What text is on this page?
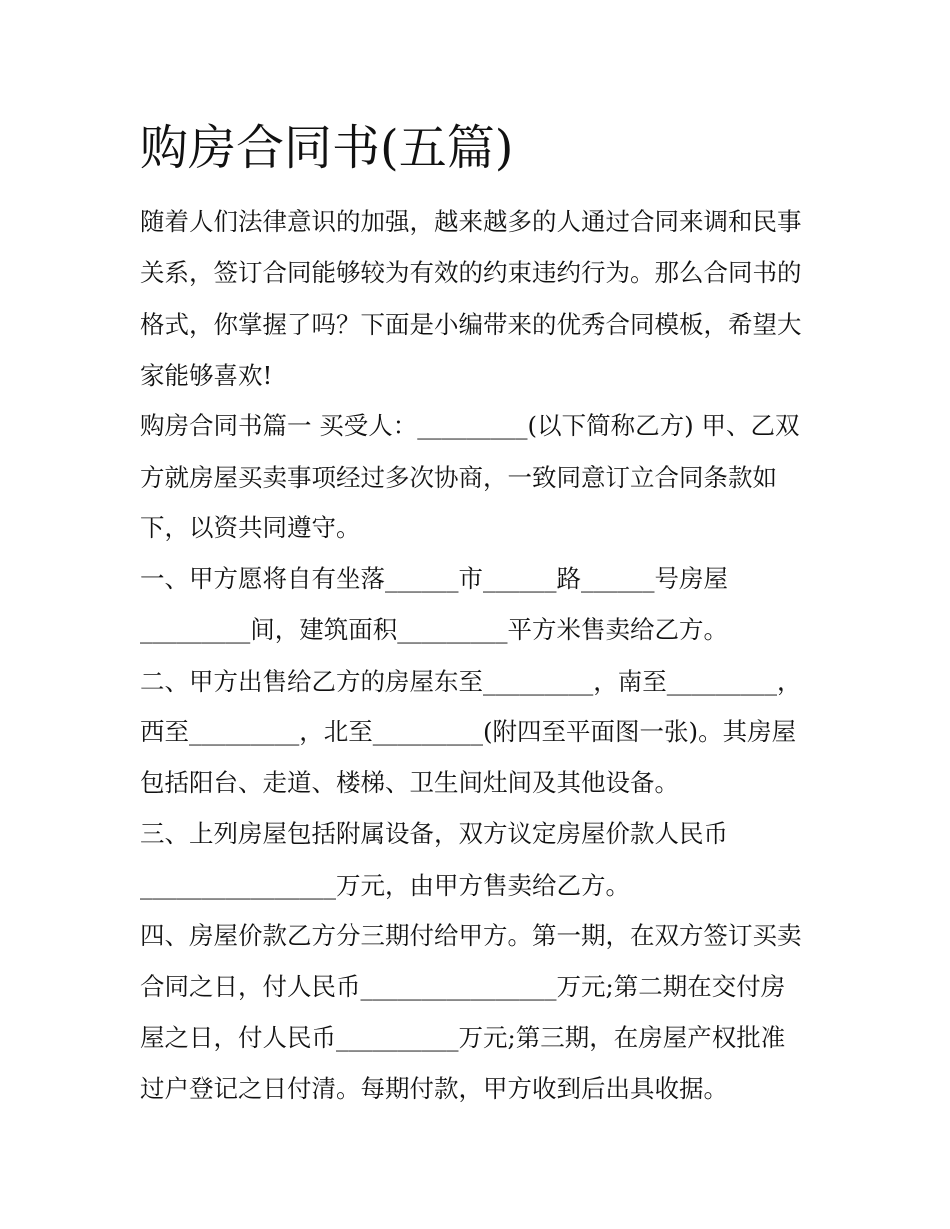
购房合同书(五篇)

随着人们法律意识的加强，越来越多的人通过合同来调和民事

关系，签订合同能够较为有效的约束违约行为。那么合同书的

格式，你掌握了吗？下面是小编带来的优秀合同模板，希望大

家能够喜欢!

购房合同书篇一 买受人：_________(以下简称乙方) 甲、乙双

方就房屋买卖事项经过多次协商，一致同意订立合同条款如

下，以资共同遵守。

一、甲方愿将自有坐落______市______路______号房屋

_________间，建筑面积_________平方米售卖给乙方。

二、甲方出售给乙方的房屋东至_________，南至_________，

西至_________，北至_________(附四至平面图一张)。其房屋

包括阳台、走道、楼梯、卫生间灶间及其他设备。

三、上列房屋包括附属设备，双方议定房屋价款人民币

________________万元，由甲方售卖给乙方。

四、房屋价款乙方分三期付给甲方。第一期，在双方签订买卖

合同之日，付人民币________________万元;第二期在交付房

屋之日，付人民币__________万元;第三期，在房屋产权批准

过户登记之日付清。每期付款，甲方收到后出具收据。
